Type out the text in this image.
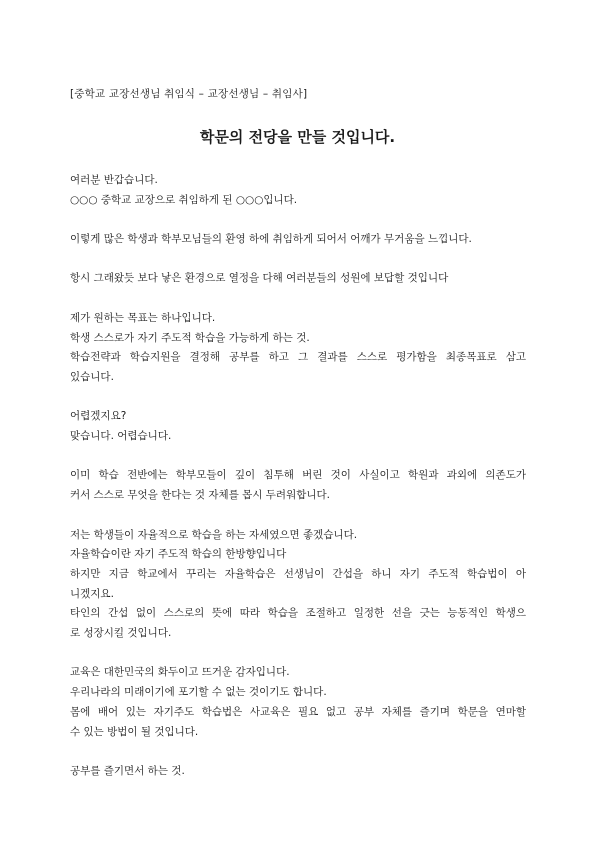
[중학교 교장선생님 취임식 – 교장선생님 – 취임사]
학문의 전당을 만들 것입니다.
여러분 반갑습니다.
○○○ 중학교 교장으로 취임하게 된 ○○○입니다.
이렇게 많은 학생과 학부모님들의 환영 하에 취임하게 되어서 어깨가 무거움을 느낍니다.
항시 그래왔듯 보다 낳은 환경으로 열정을 다해 여러분들의 성원에 보답할 것입니다
제가 원하는 목표는 하나입니다.
학생 스스로가 자기 주도적 학습을 가능하게 하는 것.
학습전략과 학습지원을 결정해 공부를 하고 그 결과를 스스로 평가함을 최종목표로 삼고
있습니다.
어렵겠지요?
맞습니다. 어렵습니다.
이미 학습 전반에는 학부모들이 깊이 침투해 버린 것이 사실이고 학원과 과외에 의존도가
커서 스스로 무엇을 한다는 것 자체를 몹시 두려워합니다.
저는 학생들이 자율적으로 학습을 하는 자세였으면 좋겠습니다.
자율학습이란 자기 주도적 학습의 한방향입니다
하지만 지금 학교에서 꾸리는 자율학습은 선생님이 간섭을 하니 자기 주도적 학습법이 아
니겠지요.
타인의 간섭 없이 스스로의 뜻에 따라 학습을 조절하고 일정한 선을 긋는 능동적인 학생으
로 성장시킬 것입니다.
교육은 대한민국의 화두이고 뜨거운 감자입니다.
우리나라의 미래이기에 포기할 수 없는 것이기도 합니다.
몸에 배어 있는 자기주도 학습법은 사교육은 필요 없고 공부 자체를 즐기며 학문을 연마할
수 있는 방법이 될 것입니다.
공부를 즐기면서 하는 것.
